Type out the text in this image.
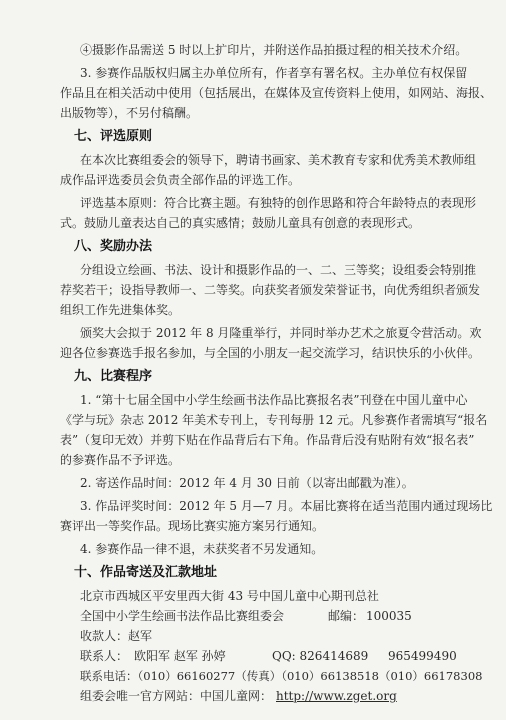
④摄影作品需送 5 时以上扩印片，并附送作品拍摄过程的相关技术介绍。
3. 参赛作品版权归属主办单位所有，作者享有署名权。主办单位有权保留
作品且在相关活动中使用（包括展出，在媒体及宣传资料上使用，如网站、海报、
出版物等），不另付稿酬。
七、评选原则
在本次比赛组委会的领导下，聘请书画家、美术教育专家和优秀美术教师组
成作品评选委员会负责全部作品的评选工作。
评选基本原则：符合比赛主题。有独特的创作思路和符合年龄特点的表现形
式。鼓励儿童表达自己的真实感情；鼓励儿童具有创意的表现形式。
八、奖励办法
分组设立绘画、书法、设计和摄影作品的一、二、三等奖；设组委会特别推
荐奖若干；设指导教师一、二等奖。向获奖者颁发荣誉证书，向优秀组织者颁发
组织工作先进集体奖。
颁奖大会拟于 2012 年 8 月隆重举行，并同时举办艺术之旅夏令营活动。欢
迎各位参赛选手报名参加，与全国的小朋友一起交流学习，结识快乐的小伙伴。
九、比赛程序
1. “第十七届全国中小学生绘画书法作品比赛报名表”刊登在中国儿童中心
《学与玩》杂志 2012 年美术专刊上，专刊每册 12 元。凡参赛作者需填写“报名
表”（复印无效）并剪下贴在作品背后右下角。作品背后没有贴附有效“报名表”
的参赛作品不予评选。
2. 寄送作品时间：2012 年 4 月 30 日前（以寄出邮戳为准）。
3. 作品评奖时间：2012 年 5 月—7 月。本届比赛将在适当范围内通过现场比
赛评出一等奖作品。现场比赛实施方案另行通知。
4. 参赛作品一律不退，未获奖者不另发通知。
十、作品寄送及汇款地址
北京市西城区平安里西大街 43 号中国儿童中心期刊总社
全国中小学生绘画书法作品比赛组委会	邮编： 100035
收款人：赵军
联系人： 欧阳军 赵军 孙婷	QQ: 826414689 965499490
联系电话：（010）66160277（传真）（010）66138518（010）66178308
组委会唯一官方网站：中国儿童网： http://www.zget.org
